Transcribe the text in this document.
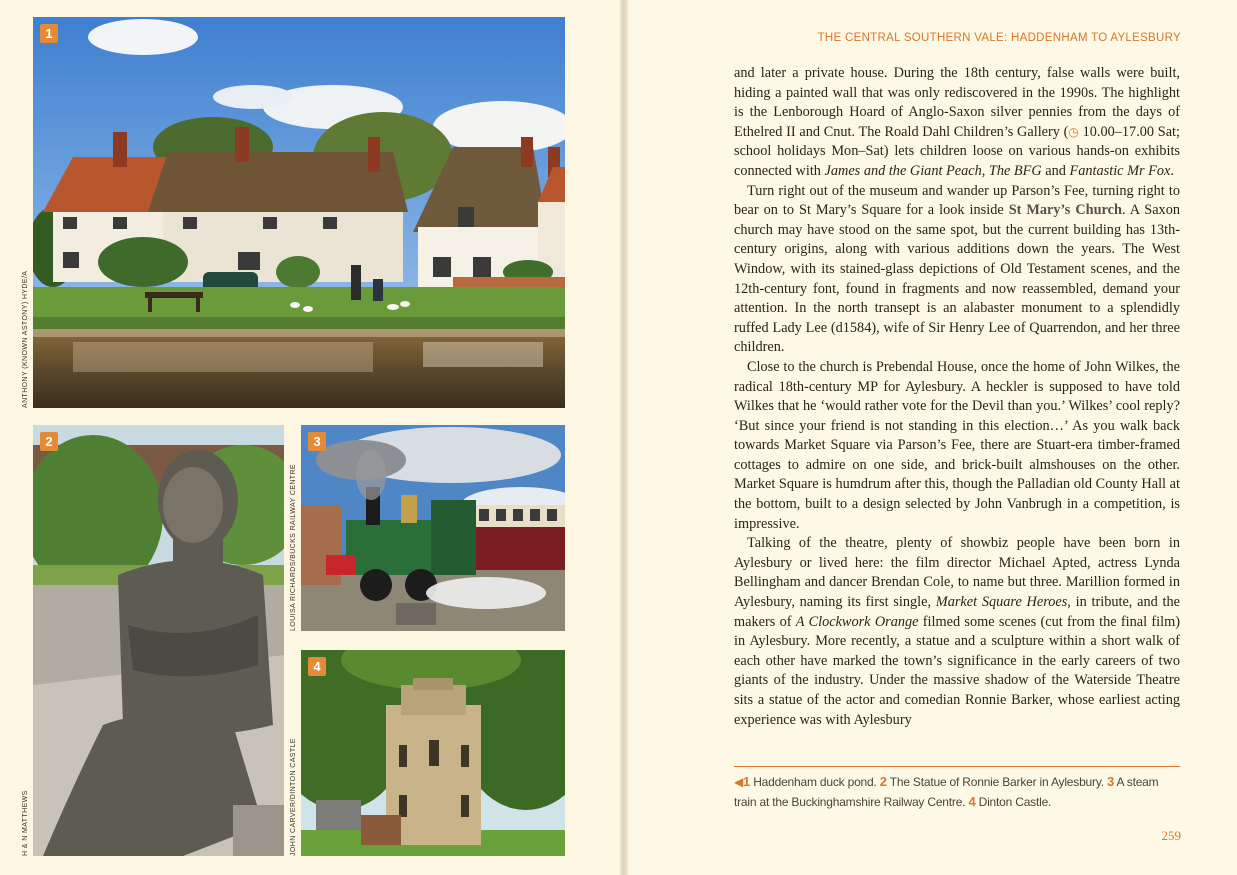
1
ANTHONY (KNOWN ASTONY) HYDE/A
2
H & N MATTHEWS
3
LOUISA RICHARDS/BUCKS RAILWAY CENTRE
4
JOHN CARVER/DINTON CASTLE
THE CENTRAL SOUTHERN VALE: HADDENHAM TO AYLESBURY

and later a private house. During the 18th century, false walls were built, hiding a painted wall that was only rediscovered in the 1990s. The highlight is the Lenborough Hoard of Anglo-Saxon silver pennies from the days of Ethelred II and Cnut. The Roald Dahl Children’s Gallery (◷ 10.00–17.00 Sat; school holidays Mon–Sat) lets children loose on various hands-on exhibits connected with James and the Giant Peach, The BFG and Fantastic Mr Fox.

Turn right out of the museum and wander up Parson’s Fee, turning right to bear on to St Mary’s Square for a look inside St Mary’s Church. A Saxon church may have stood on the same spot, but the current building has 13th-century origins, along with various additions down the years. The West Window, with its stained-glass depictions of Old Testament scenes, and the 12th-century font, found in fragments and now reassembled, demand your attention. In the north transept is an alabaster monument to a splendidly ruffed Lady Lee (d1584), wife of Sir Henry Lee of Quarrendon, and her three children.

Close to the church is Prebendal House, once the home of John Wilkes, the radical 18th-century MP for Aylesbury. A heckler is supposed to have told Wilkes that he ‘would rather vote for the Devil than you.’ Wilkes’ cool reply? ‘But since your friend is not standing in this election…’ As you walk back towards Market Square via Parson’s Fee, there are Stuart-era timber-framed cottages to admire on one side, and brick-built almshouses on the other. Market Square is humdrum after this, though the Palladian old County Hall at the bottom, built to a design selected by John Vanbrugh in a competition, is impressive.

Talking of the theatre, plenty of showbiz people have been born in Aylesbury or lived here: the film director Michael Apted, actress Lynda Bellingham and dancer Brendan Cole, to name but three. Marillion formed in Aylesbury, naming its first single, Market Square Heroes, in tribute, and the makers of A Clockwork Orange filmed some scenes (cut from the final film) in Aylesbury. More recently, a statue and a sculpture within a short walk of each other have marked the town’s significance in the early careers of two giants of the industry. Under the massive shadow of the Waterside Theatre sits a statue of the actor and comedian Ronnie Barker, whose earliest acting experience was with Aylesbury

◀1 Haddenham duck pond. 2 The Statue of Ronnie Barker in Aylesbury. 3 A steam train at the Buckinghamshire Railway Centre. 4 Dinton Castle.
259
